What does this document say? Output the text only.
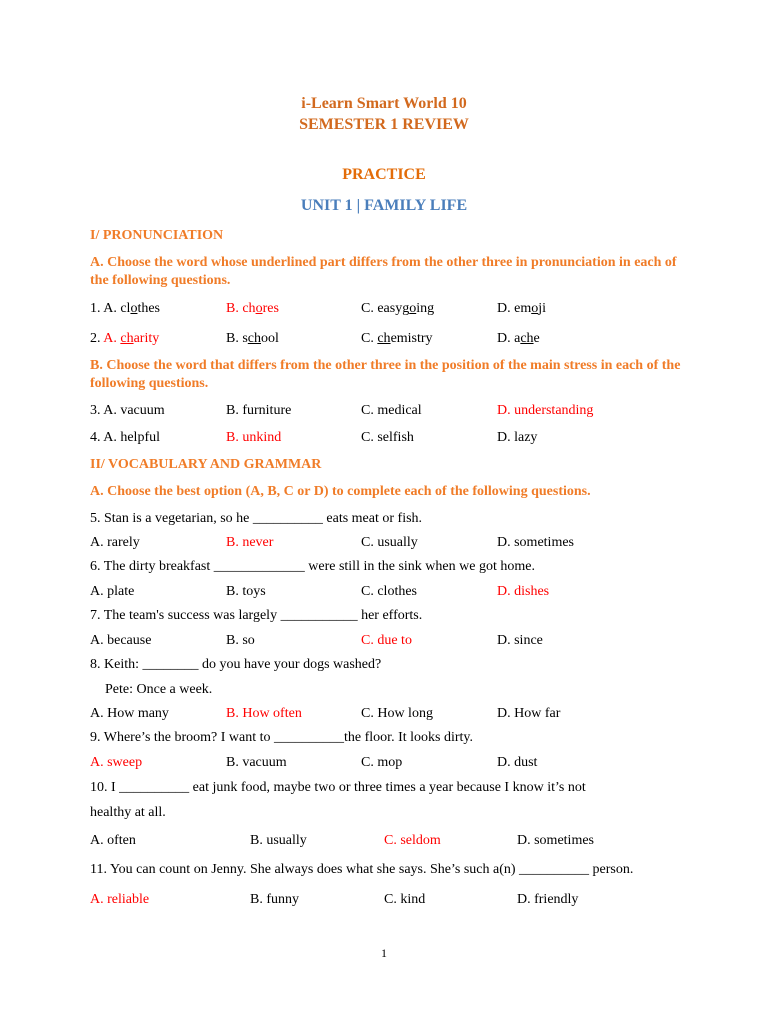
i-Learn Smart World 10
SEMESTER 1 REVIEW
PRACTICE
UNIT 1 | FAMILY LIFE
I/ PRONUNCIATION
A. Choose the word whose underlined part differs from the other three in pronunciation in each of the following questions.
1. A. clothes	B. chores	C. easygoing	D. emoji
2. A. charity	B. school	C. chemistry	D. ache
B. Choose the word that differs from the other three in the position of the main stress in each of the following questions.
3. A. vacuum	B. furniture	C. medical	D. understanding
4. A. helpful	B. unkind	C. selfish	D. lazy
II/ VOCABULARY AND GRAMMAR
A. Choose the best option (A, B, C or D) to complete each of the following questions.
5. Stan is a vegetarian, so he __________ eats meat or fish.
A. rarely	B. never	C. usually	D. sometimes
6. The dirty breakfast _____________ were still in the sink when we got home.
A. plate	B. toys	C. clothes	D. dishes
7. The team's success was largely ___________ her efforts.
A. because	B. so	C. due to	D. since
8. Keith: ________ do you have your dogs washed?
Pete: Once a week.
A. How many	B. How often	C. How long	D. How far
9. Where’s the broom? I want to __________the floor. It looks dirty.
A. sweep	B. vacuum	C. mop	D. dust
10. I __________ eat junk food, maybe two or three times a year because I know it’s not
healthy at all.
A. often	B. usually	C. seldom	D. sometimes
11. You can count on Jenny. She always does what she says. She’s such a(n) __________ person.
A. reliable	B. funny	C. kind	D. friendly
1
